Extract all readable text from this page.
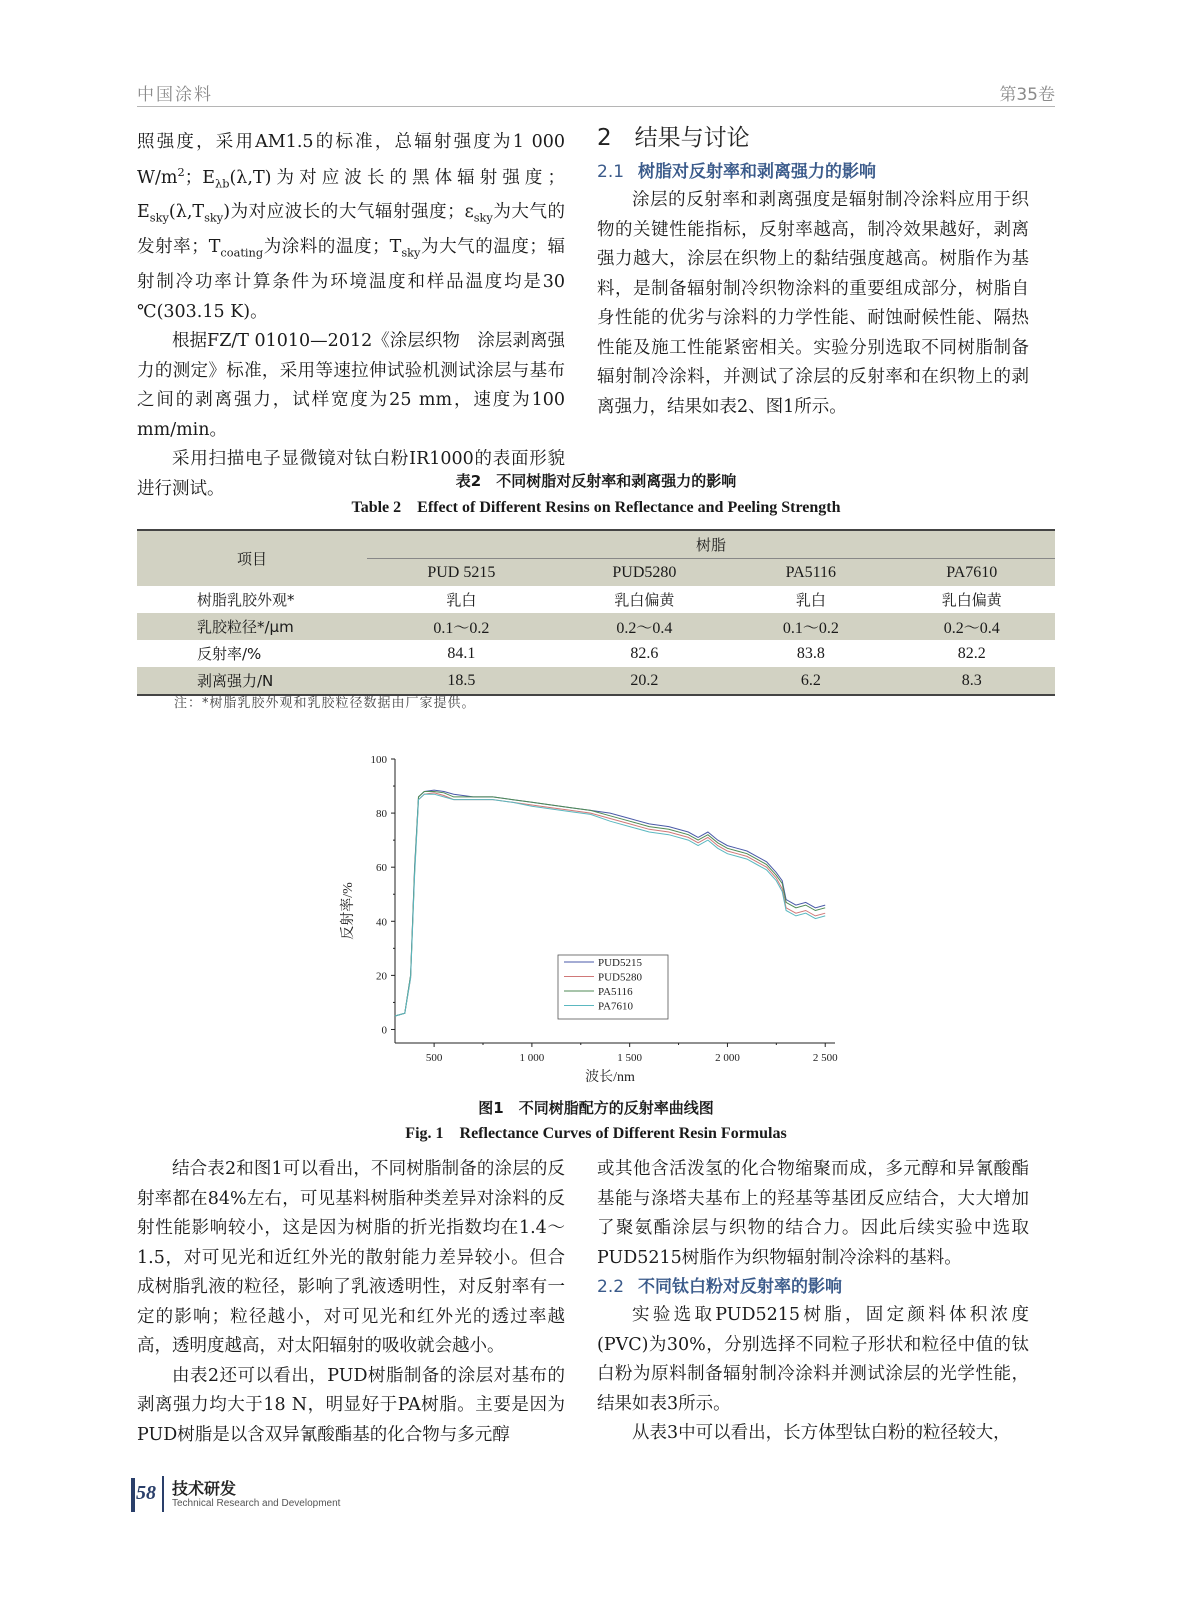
中国涂料	第35卷

照强度，采用AM1.5的标准，总辐射强度为1 000 $W/m^2$；$E_{\lambda b}(\lambda,T)$为对应波长的黑体辐射强度；$E_{sky}(\lambda,T_{sky})$为对应波长的大气辐射强度；$\varepsilon_{sky}$为大气的发射率；$T_{coating}$为涂料的温度；$T_{sky}$为大气的温度；辐射制冷功率计算条件为环境温度和样品温度均是30 ℃(303.15 K)。

根据FZ/T 01010—2012《涂层织物　涂层剥离强力的测定》标准，采用等速拉伸试验机测试涂层与基布之间的剥离强力，试样宽度为25 mm，速度为100 mm/min。

采用扫描电子显微镜对钛白粉IR1000的表面形貌进行测试。

2　结果与讨论
2.1 树脂对反射率和剥离强力的影响

涂层的反射率和剥离强度是辐射制冷涂料应用于织物的关键性能指标，反射率越高，制冷效果越好，剥离强力越大，涂层在织物上的黏结强度越高。树脂作为基料，是制备辐射制冷织物涂料的重要组成部分，树脂自身性能的优劣与涂料的力学性能、耐蚀耐候性能、隔热性能及施工性能紧密相关。实验分别选取不同树脂制备辐射制冷涂料，并测试了涂层的反射率和在织物上的剥离强力，结果如表2、图1所示。

表2　不同树脂对反射率和剥离强力的影响
Table 2　Effect of Different Resins on Reflectance and Peeling Strength
项目	树脂			
	PUD 5215	PUD5280	PA5116	PA7610
树脂乳胶外观*	乳白	乳白偏黄	乳白	乳白偏黄
乳胶粒径*/μm	0.1～0.2	0.2～0.4	0.1～0.2	0.2～0.4
反射率/%	84.1	82.6	83.8	82.2
剥离强力/N	18.5	20.2	6.2	8.3
注：*树脂乳胶外观和乳胶粒径数据由厂家提供。
0
20
40
60
80
100
500	1 000	1 500	2 000	2 500
波长/nm
反射率/%
PUD5215
PUD5280
PA5116
PA7610
图1　不同树脂配方的反射率曲线图
Fig. 1　Reflectance Curves of Different Resin Formulas

结合表2和图1可以看出，不同树脂制备的涂层的反射率都在84%左右，可见基料树脂种类差异对涂料的反射性能影响较小，这是因为树脂的折光指数均在1.4～1.5，对可见光和近红外光的散射能力差异较小。但合成树脂乳液的粒径，影响了乳液透明性，对反射率有一定的影响；粒径越小，对可见光和红外光的透过率越高，透明度越高，对太阳辐射的吸收就会越小。

由表2还可以看出，PUD树脂制备的涂层对基布的剥离强力均大于18 N，明显好于PA树脂。主要是因为PUD树脂是以含双异氰酸酯基的化合物与多元醇

或其他含活泼氢的化合物缩聚而成，多元醇和异氰酸酯基能与涤塔夫基布上的羟基等基团反应结合，大大增加了聚氨酯涂层与织物的结合力。因此后续实验中选取PUD5215树脂作为织物辐射制冷涂料的基料。

2.2 不同钛白粉对反射率的影响

实验选取PUD5215树脂，固定颜料体积浓度(PVC)为30%，分别选择不同粒子形状和粒径中值的钛白粉为原料制备辐射制冷涂料并测试涂层的光学性能，结果如表3所示。

从表3中可以看出，长方体型钛白粉的粒径较大，

58 技术研发
Technical Research and Development
